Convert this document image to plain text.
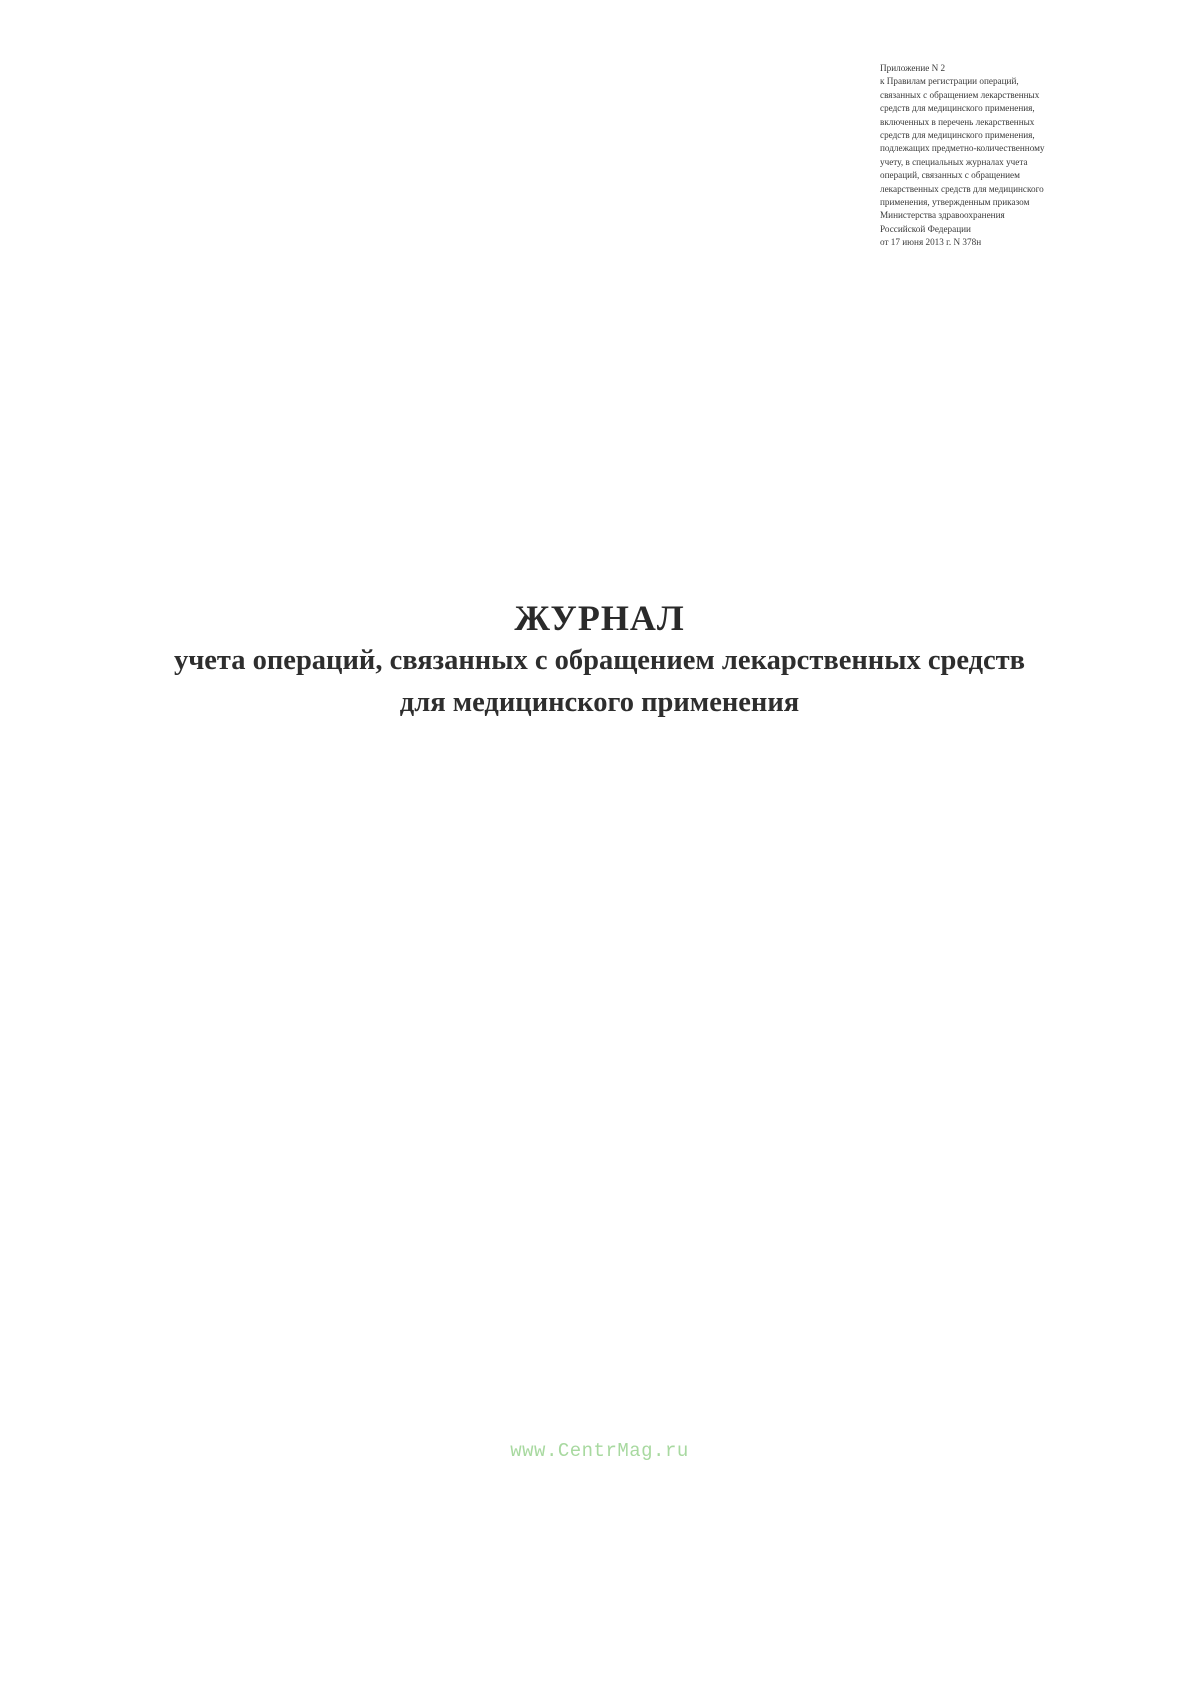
Приложение N 2
к Правилам регистрации операций,
связанных с обращением лекарственных
средств для медицинского применения,
включенных в перечень лекарственных
средств для медицинского применения,
подлежащих предметно-количественному
учету, в специальных журналах учета
операций, связанных с обращением
лекарственных средств для медицинского
применения, утвержденным приказом
Министерства здравоохранения
Российской Федерации
от 17 июня 2013 г. N 378н
ЖУРНАЛ

учета операций, связанных с обращением лекарственных средств

для медицинского применения

www.CentrMag.ru
